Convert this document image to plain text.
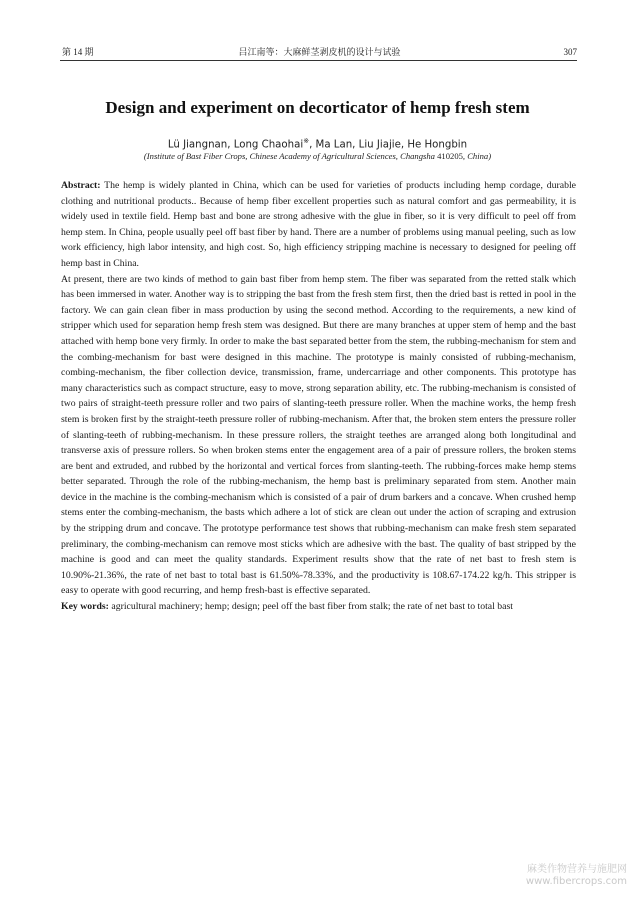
第 14 期	吕江南等：大麻鲜茎剥皮机的设计与试验	307
Design and experiment on decorticator of hemp fresh stem
Lü Jiangnan, Long Chaohai※, Ma Lan, Liu Jiajie, He Hongbin
(Institute of Bast Fiber Crops, Chinese Academy of Agricultural Sciences, Changsha 410205, China)

Abstract: The hemp is widely planted in China, which can be used for varieties of products including hemp cordage, durable clothing and nutritional products.. Because of hemp fiber excellent properties such as natural comfort and gas permeability, it is widely used in textile field. Hemp bast and bone are strong adhesive with the glue in fiber, so it is very difficult to peel off from hemp stem. In China, people usually peel off bast fiber by hand. There are a number of problems using manual peeling, such as low work efficiency, high labor intensity, and high cost. So, high efficiency stripping machine is necessary to designed for peeling off hemp bast in China.

At present, there are two kinds of method to gain bast fiber from hemp stem. The fiber was separated from the retted stalk which has been immersed in water. Another way is to stripping the bast from the fresh stem first, then the dried bast is retted in pool in the factory. We can gain clean fiber in mass production by using the second method. According to the requirements, a new kind of stripper which used for separation hemp fresh stem was designed. But there are many branches at upper stem of hemp and the bast attached with hemp bone very firmly. In order to make the bast separated better from the stem, the rubbing-mechanism for stem and the combing-mechanism for bast were designed in this machine. The prototype is mainly consisted of rubbing-mechanism, combing-mechanism, the fiber collection device, transmission, frame, undercarriage and other components. This prototype has many characteristics such as compact structure, easy to move, strong separation ability, etc. The rubbing-mechanism is consisted of two pairs of straight-teeth pressure roller and two pairs of slanting-teeth pressure roller. When the machine works, the hemp fresh stem is broken first by the straight-teeth pressure roller of rubbing-mechanism. After that, the broken stem enters the pressure roller of slanting-teeth of rubbing-mechanism. In these pressure rollers, the straight teethes are arranged along both longitudinal and transverse axis of pressure rollers. So when broken stems enter the engagement area of a pair of pressure rollers, the broken stems are bent and extruded, and rubbed by the horizontal and vertical forces from slanting-teeth. The rubbing-forces make hemp stems better separated. Through the role of the rubbing-mechanism, the hemp bast is preliminary separated from stem. Another main device in the machine is the combing-mechanism which is consisted of a pair of drum barkers and a concave. When crushed hemp stems enter the combing-mechanism, the basts which adhere a lot of stick are clean out under the action of scraping and extrusion by the stripping drum and concave. The prototype performance test shows that rubbing-mechanism can make fresh stem separated preliminary, the combing-mechanism can remove most sticks which are adhesive with the bast. The quality of bast stripped by the machine is good and can meet the quality standards. Experiment results show that the rate of net bast to fresh stem is 10.90%-21.36%, the rate of net bast to total bast is 61.50%-78.33%, and the productivity is 108.67-174.22 kg/h. This stripper is easy to operate with good recurring, and hemp fresh-bast is effective separated.

Key words: agricultural machinery; hemp; design; peel off the bast fiber from stalk; the rate of net bast to total bast

麻类作物营养与施肥网
www.fibercrops.com
